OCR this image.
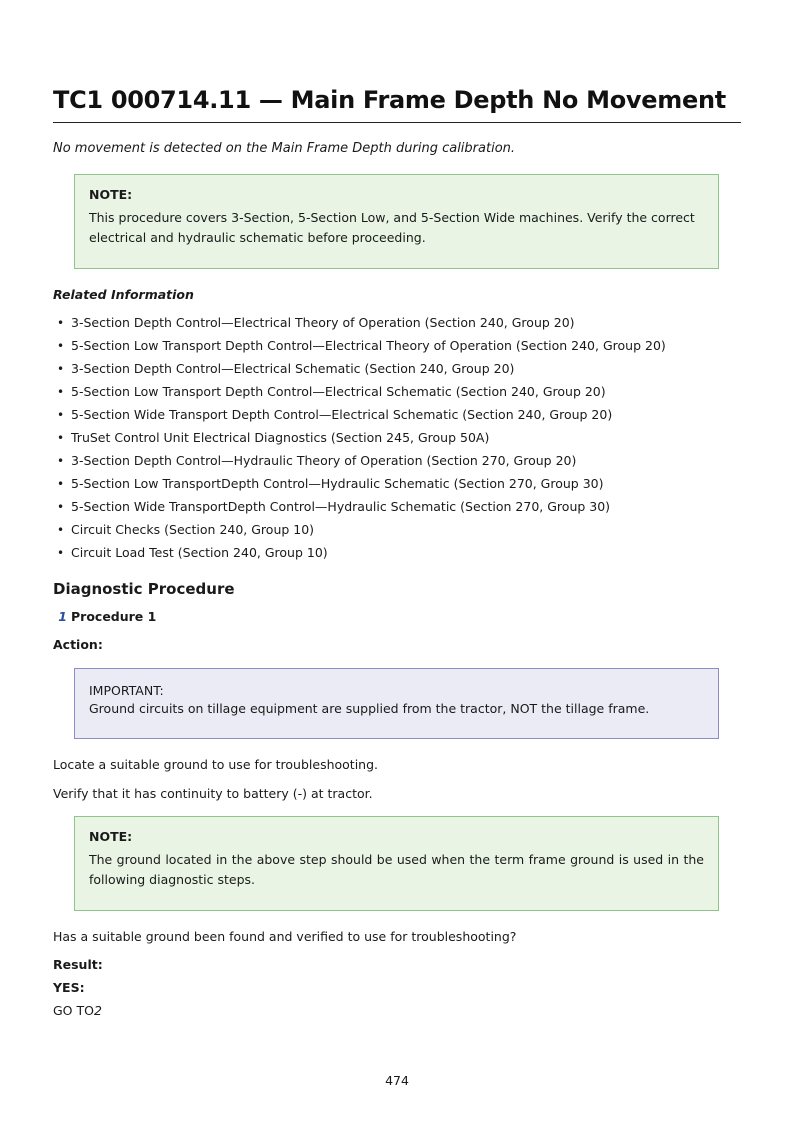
TC1 000714.11 — Main Frame Depth No Movement

No movement is detected on the Main Frame Depth during calibration.

NOTE:

This procedure covers 3-Section, 5-Section Low, and 5-Section Wide machines. Verify the correct electrical and hydraulic schematic before proceeding.

Related Information

• 3-Section Depth Control—Electrical Theory of Operation (Section 240, Group 20)
• 5-Section Low Transport Depth Control—Electrical Theory of Operation (Section 240, Group 20)
• 3-Section Depth Control—Electrical Schematic (Section 240, Group 20)
• 5-Section Low Transport Depth Control—Electrical Schematic (Section 240, Group 20)
• 5-Section Wide Transport Depth Control—Electrical Schematic (Section 240, Group 20)
• TruSet Control Unit Electrical Diagnostics (Section 245, Group 50A)
• 3-Section Depth Control—Hydraulic Theory of Operation (Section 270, Group 20)
• 5-Section Low TransportDepth Control—Hydraulic Schematic (Section 270, Group 30)
• 5-Section Wide TransportDepth Control—Hydraulic Schematic (Section 270, Group 30)
• Circuit Checks (Section 240, Group 10)
• Circuit Load Test (Section 240, Group 10)
Diagnostic Procedure
1 Procedure 1

Action:

IMPORTANT:

Ground circuits on tillage equipment are supplied from the tractor, NOT the tillage frame.

Locate a suitable ground to use for troubleshooting.

Verify that it has continuity to battery (-) at tractor.

NOTE:

The ground located in the above step should be used when the term frame ground is used in the following diagnostic steps.

Has a suitable ground been found and verified to use for troubleshooting?

Result:

YES:

GO TO2

474
